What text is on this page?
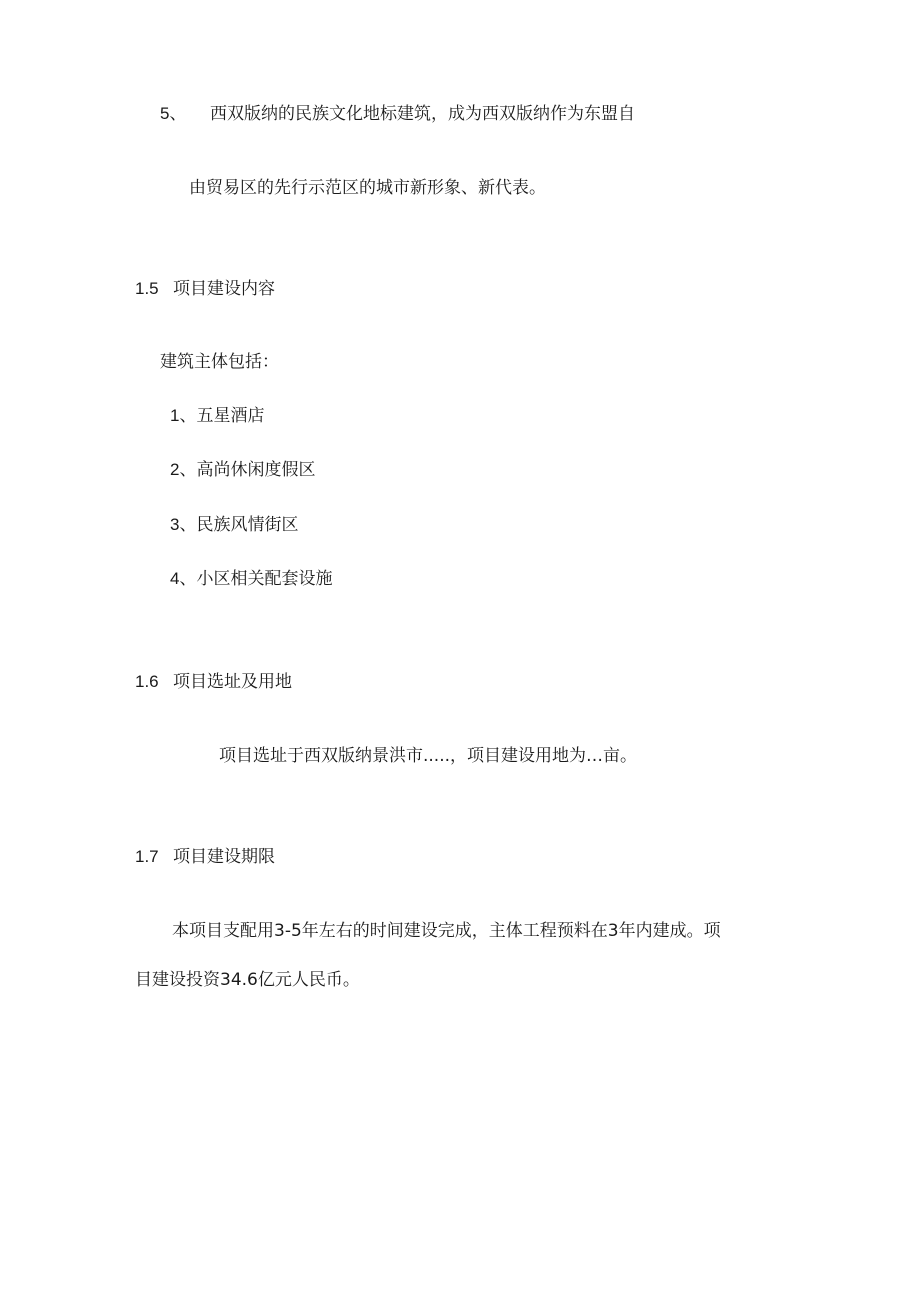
5、 西双版纳的民族文化地标建筑，成为西双版纳作为东盟自
由贸易区的先行示范区的城市新形象、新代表。
1.5 项目建设内容
建筑主体包括：
1、五星酒店
2、高尚休闲度假区
3、民族风情街区
4、小区相关配套设施
1.6 项目选址及用地
项目选址于西双版纳景洪市.....，项目建设用地为…亩。
1.7 项目建设期限
本项目支配用3-5年左右的时间建设完成，主体工程预料在3年内建成。项
目建设投资34.6亿元人民币。
